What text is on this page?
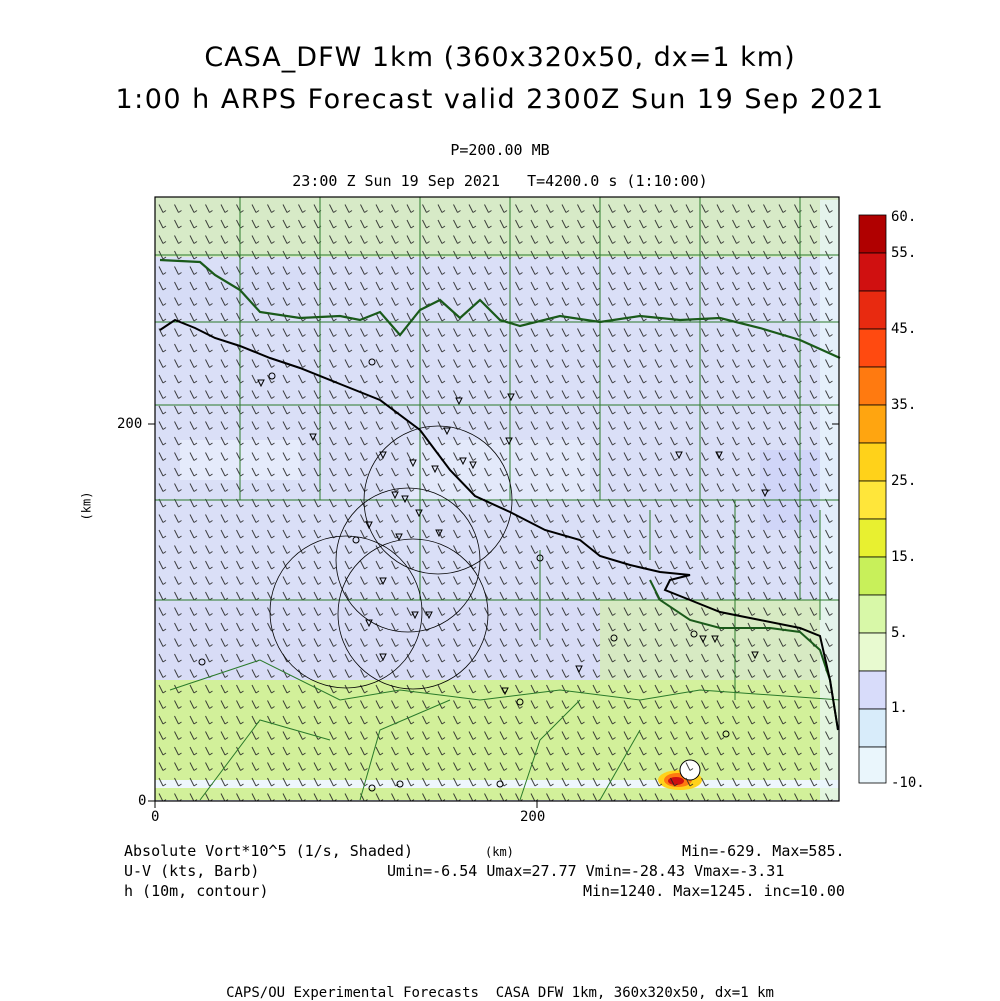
CASA_DFW 1km (360x320x50, dx=1 km)
1:00 h ARPS Forecast valid 2300Z Sun 19 Sep 2021
P=200.00 MB
23:00 Z Sun 19 Sep 2021   T=4200.0 s (1:10:00)
0	200
0
200
(km)
(km)
60.
55.
45.
35.
25.
15.
5.
1.
-10.
Absolute Vort*10^5 (1/s, Shaded)	Min=-629. Max=585.
U-V (kts, Barb)	Umin=-6.54 Umax=27.77 Vmin=-28.43 Vmax=-3.31
h (10m, contour)	Min=1240. Max=1245. inc=10.00
CAPS/OU Experimental Forecasts  CASA DFW 1km, 360x320x50, dx=1 km
